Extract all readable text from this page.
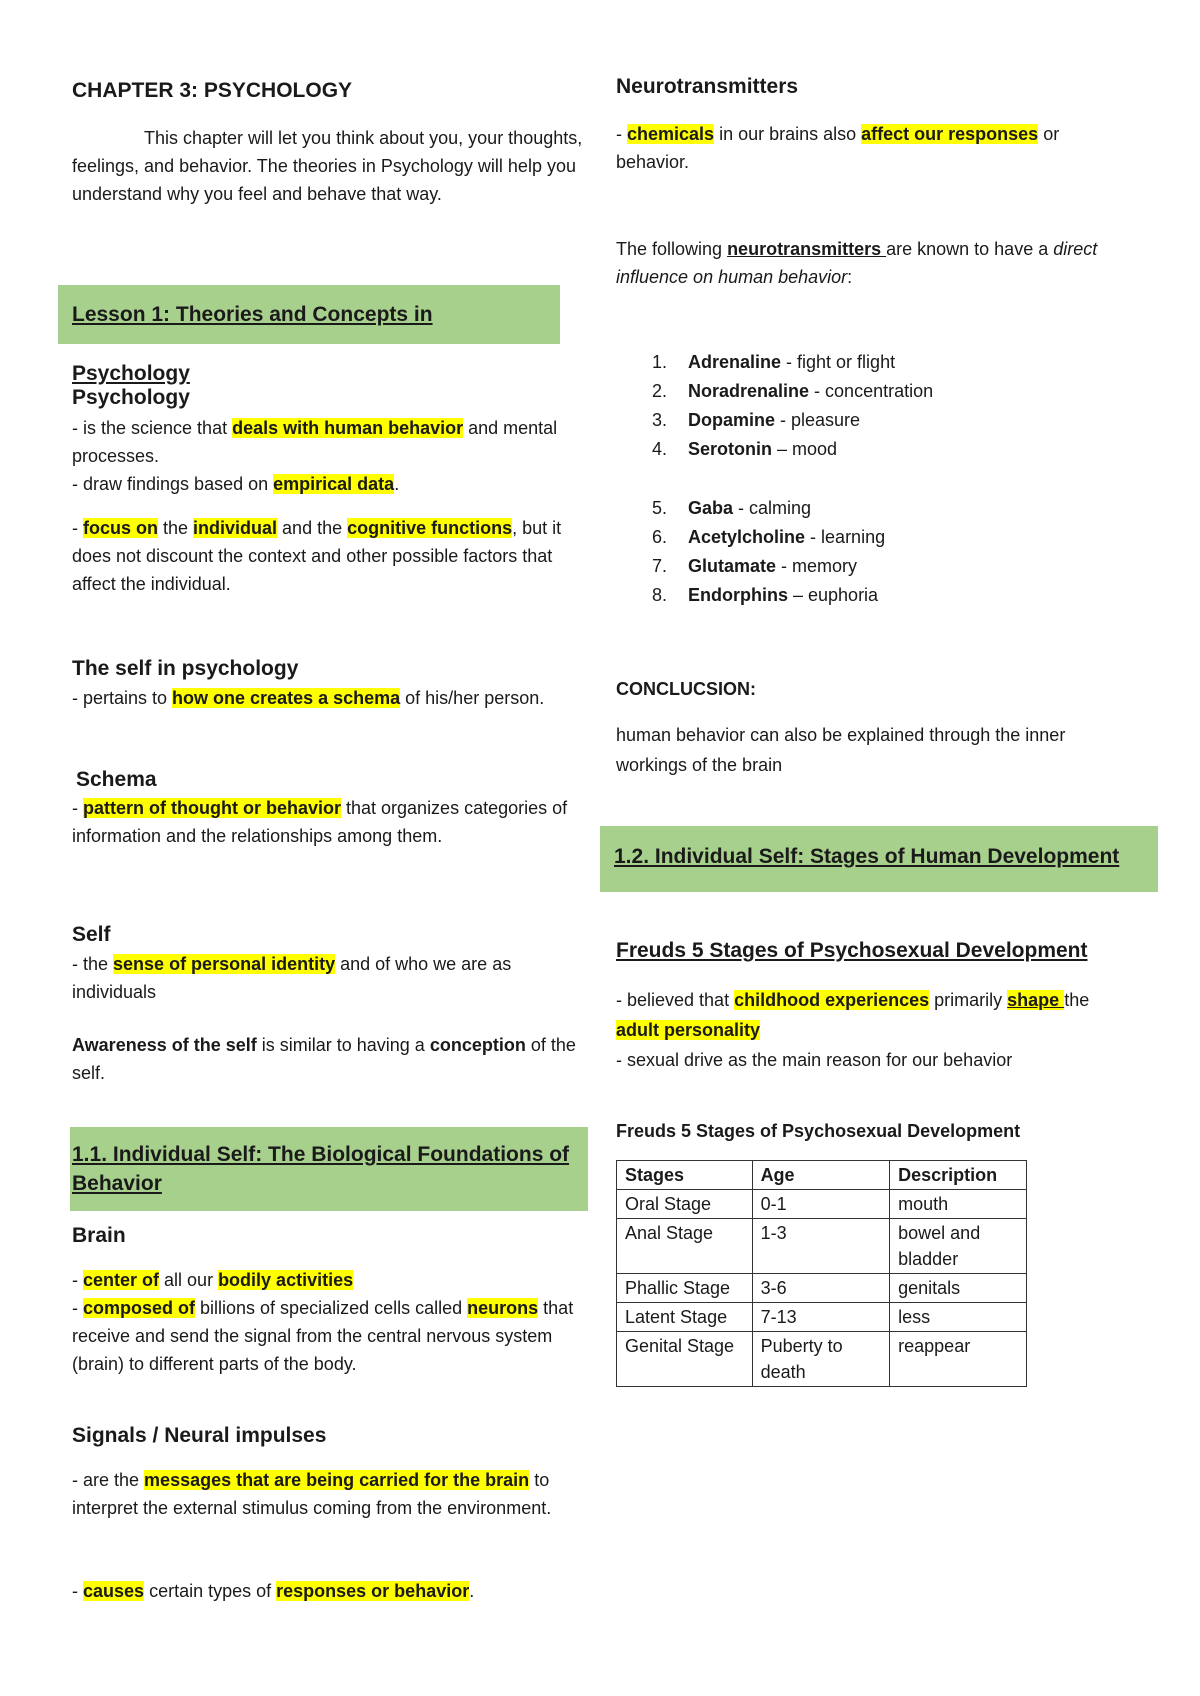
CHAPTER 3: PSYCHOLOGY

This chapter will let you think about you, your thoughts, feelings, and behavior. The theories in Psychology will help you understand why you feel and behave that way.

Lesson 1: Theories and Concepts in Psychology
Psychology

- is the science that deals with human behavior and mental processes.

- draw findings based on empirical data.

- focus on the individual and the cognitive functions, but it does not discount the context and other possible factors that affect the individual.

The self in psychology

- pertains to how one creates a schema of his/her person.

Schema

- pattern of thought or behavior that organizes categories of information and the relationships among them.

Self

- the sense of personal identity and of who we are as individuals

Awareness of the self is similar to having a conception of the self.

1.1. Individual Self: The Biological Foundations of Behavior
Brain

- center of all our bodily activities

- composed of billions of specialized cells called neurons that receive and send the signal from the central nervous system (brain) to different parts of the body.

Signals / Neural impulses

- are the messages that are being carried for the brain to interpret the external stimulus coming from the environment.

- causes certain types of responses or behavior.

Neurotransmitters

- chemicals in our brains also affect our responses or behavior.

The following neurotransmitters are known to have a direct influence on human behavior:

1. Adrenaline - fight or flight
2. Noradrenaline - concentration
3. Dopamine - pleasure
4. Serotonin – mood
5. Gaba - calming
6. Acetylcholine - learning
7. Glutamate - memory
8. Endorphins – euphoria
CONCLUCSION:

human behavior can also be explained through the inner workings of the brain

1.2. Individual Self: Stages of Human Development
Freuds 5 Stages of Psychosexual Development

- believed that childhood experiences primarily shape the adult personality

- sexual drive as the main reason for our behavior

Freuds 5 Stages of Psychosexual Development
Stages	Age	Description
Oral Stage	0-1	mouth
Anal Stage	1-3	bowel and bladder
Phallic Stage	3-6	genitals
Latent Stage	7-13	less
Genital Stage	Puberty to death	reappear
